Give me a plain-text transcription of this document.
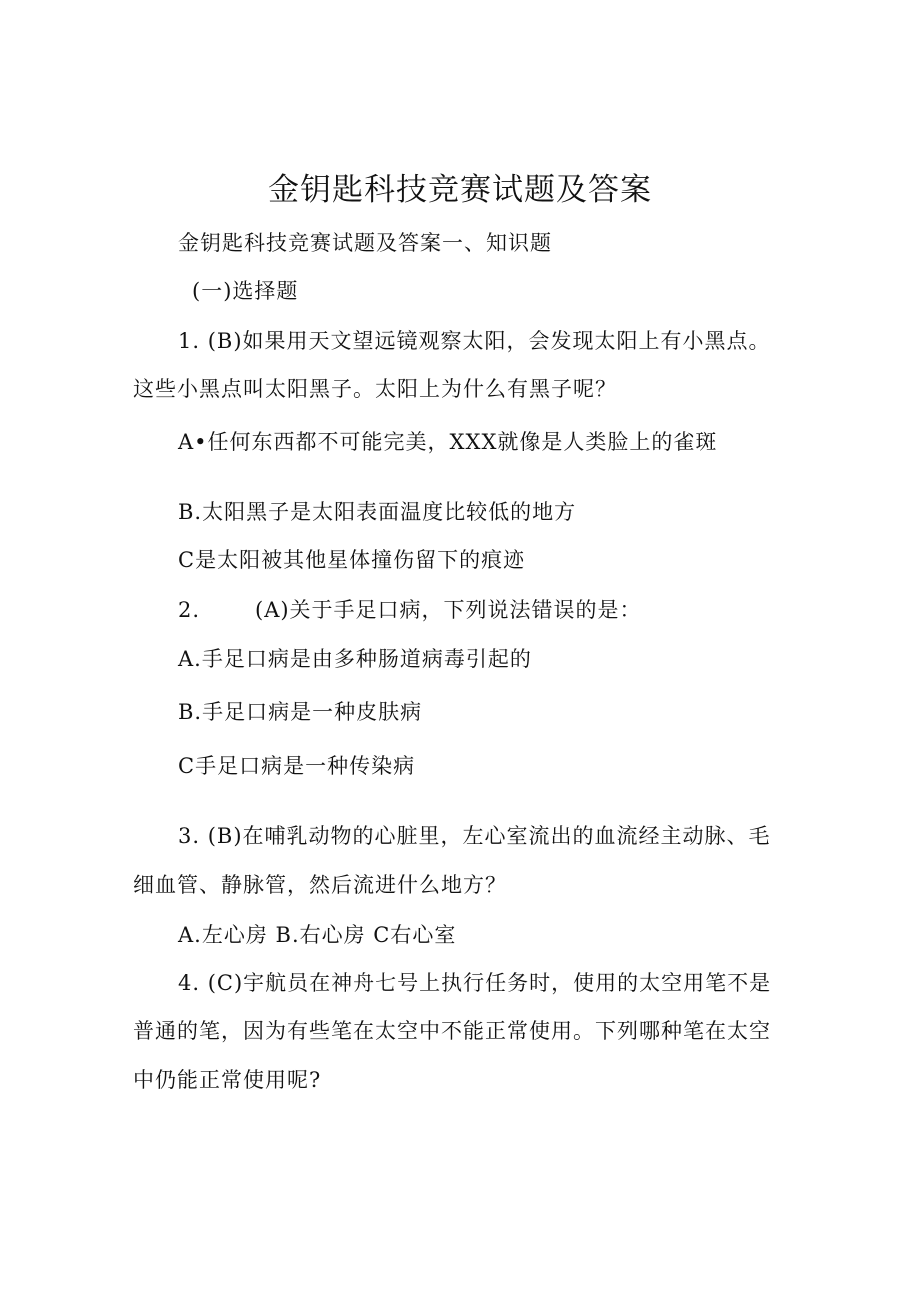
金钥匙科技竞赛试题及答案

金钥匙科技竞赛试题及答案一、知识题

(一)选择题

1. (B)如果用天文望远镜观察太阳，会发现太阳上有小黑点。

这些小黑点叫太阳黑子。太阳上为什么有黑子呢？

A•任何东西都不可能完美，XXX就像是人类脸上的雀斑

B.太阳黑子是太阳表面温度比较低的地方

C是太阳被其他星体撞伤留下的痕迹

2.	(A)关于手足口病，下列说法错误的是：

A.手足口病是由多种肠道病毒引起的

B.手足口病是一种皮肤病

C手足口病是一种传染病

3. (B)在哺乳动物的心脏里，左心室流出的血流经主动脉、毛

细血管、静脉管，然后流进什么地方？

A.左心房 B.右心房 C右心室

4. (C)宇航员在神舟七号上执行任务时，使用的太空用笔不是

普通的笔，因为有些笔在太空中不能正常使用。下列哪种笔在太空

中仍能正常使用呢?
